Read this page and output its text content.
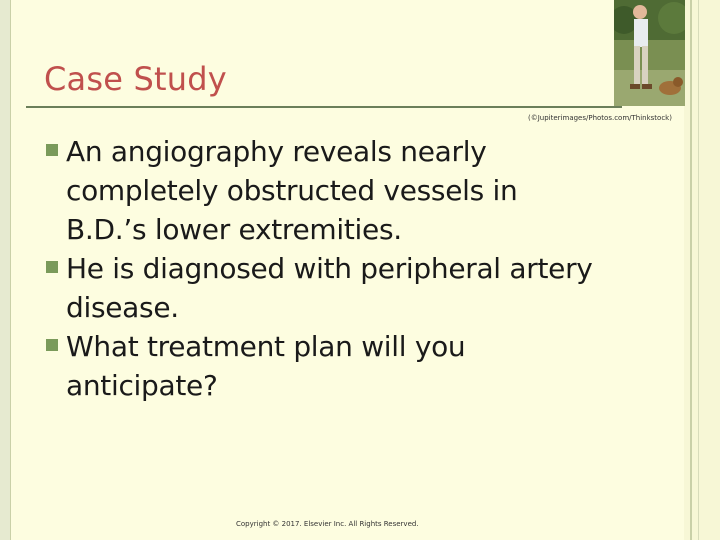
Case Study
(©Jupiterimages/Photos.com/Thinkstock)
An angiography reveals nearly completely obstructed vessels in B.D.’s lower extremities.
He is diagnosed with peripheral artery disease.
What treatment plan will you anticipate?
Copyright © 2017. Elsevier Inc. All Rights Reserved.
